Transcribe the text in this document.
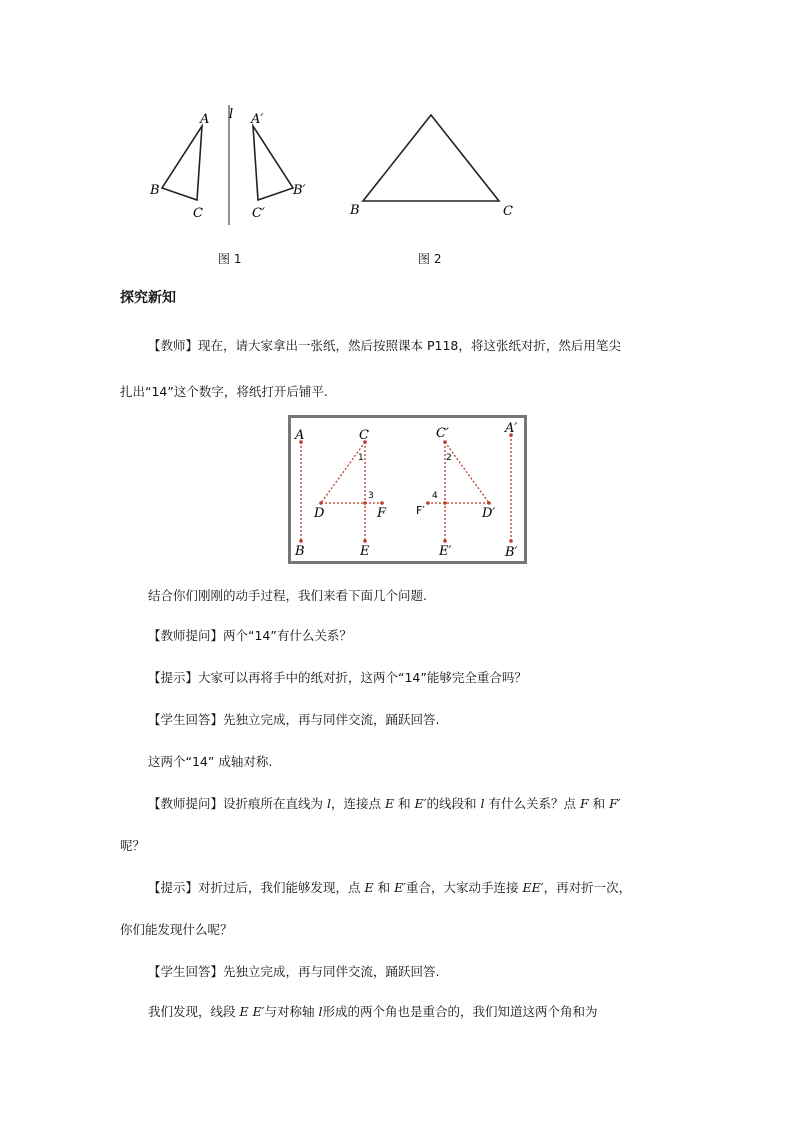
l
A
B
C
A′
B′
C′
图 1
B	C
图 2
探究新知
【教师】现在，请大家拿出一张纸，然后按照课本 P118，将这张纸对折，然后用笔尖
扎出“14”这个数字，将纸打开后铺平.
A
B
C
D
E
F
1
3
C′
D′
E′
F′
2
4
A′
B′
结合你们刚刚的动手过程，我们来看下面几个问题.
【教师提问】两个“14”有什么关系？
【提示】大家可以再将手中的纸对折，这两个“14”能够完全重合吗？
【学生回答】先独立完成，再与同伴交流，踊跃回答.
这两个“14” 成轴对称.
【教师提问】设折痕所在直线为 l，连接点 E 和 E′的线段和 l 有什么关系？点 F 和 F′
呢？
【提示】对折过后，我们能够发现，点 E 和 E′重合，大家动手连接 EE′，再对折一次，
你们能发现什么呢？
【学生回答】先独立完成，再与同伴交流，踊跃回答.
我们发现，线段 E E′与对称轴 l形成的两个角也是重合的，我们知道这两个角和为
